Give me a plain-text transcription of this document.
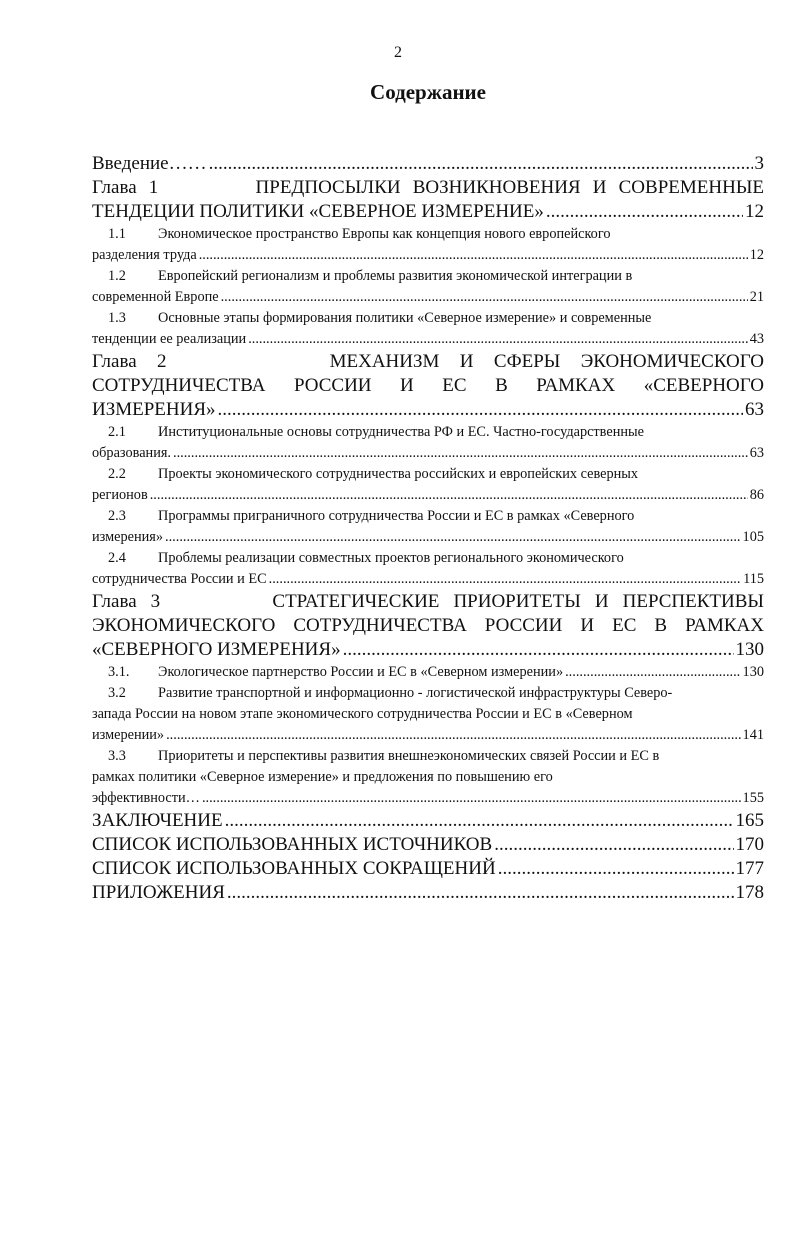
2
Содержание
Введение…… .....	3
Глава 1	ПРЕДПОСЫЛКИ ВОЗНИКНОВЕНИЯ И СОВРЕМЕННЫЕ
ТЕНДЕЦИИ ПОЛИТИКИ «СЕВЕРНОЕ ИЗМЕРЕНИЕ» .....	12
1.1 Экономическое пространство Европы как концепция нового европейского
разделения труда .....	12
1.2 Европейский регионализм и проблемы развития экономической интеграции в
современной Европе .....	21
1.3 Основные этапы формирования политики «Северное измерение» и современные
тенденции ее реализации .....	43
Глава 2	МЕХАНИЗМ И СФЕРЫ ЭКОНОМИЧЕСКОГО
СОТРУДНИЧЕСТВА РОССИИ И ЕС В РАМКАХ «СЕВЕРНОГО
ИЗМЕРЕНИЯ» .....	63
2.1 Институциональные основы сотрудничества РФ и ЕС. Частно-государственные
образования. .....	63
2.2 Проекты экономического сотрудничества российских и европейских северных
регионов .....	86
2.3 Программы приграничного сотрудничества России и ЕС в рамках «Северного
измерения» .....	105
2.4 Проблемы реализации совместных проектов регионального экономического
сотрудничества России и ЕС .....	115
Глава 3	СТРАТЕГИЧЕСКИЕ ПРИОРИТЕТЫ И ПЕРСПЕКТИВЫ
ЭКОНОМИЧЕСКОГО СОТРУДНИЧЕСТВА РОССИИ И ЕС В РАМКАХ
«СЕВЕРНОГО ИЗМЕРЕНИЯ» .....	130
3.1. Экологическое партнерство России и ЕС в «Северном измерении» .....	130
3.2 Развитие транспортной и информационно - логистической инфраструктуры Северо-
запада России на новом этапе экономического сотрудничества России и ЕС в «Северном
измерении» .....	141
3.3 Приоритеты и перспективы развития внешнеэкономических связей России и ЕС в
рамках политики «Северное измерение» и предложения по повышению его
эффективности… .....	155
ЗАКЛЮЧЕНИЕ .....	165
СПИСОК ИСПОЛЬЗОВАННЫХ ИСТОЧНИКОВ .....	170
СПИСОК ИСПОЛЬЗОВАННЫХ СОКРАЩЕНИЙ .....	177
ПРИЛОЖЕНИЯ .....	178
